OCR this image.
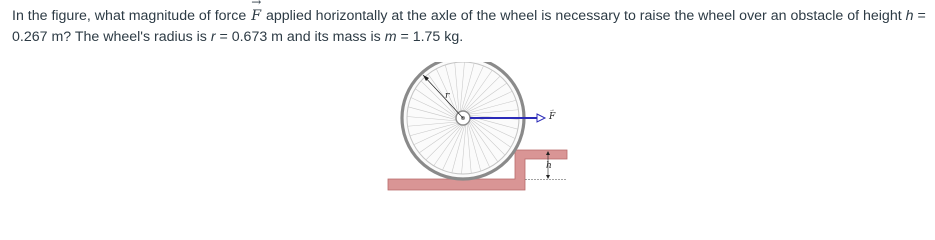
In the figure, what magnitude of force
→
F applied horizontally at the axle of the wheel is necessary to raise the wheel over an obstacle of height h = 0.267 m? The wheel's radius is r = 0.673 m and its mass is m = 1.75 kg.
r
F
→
h
